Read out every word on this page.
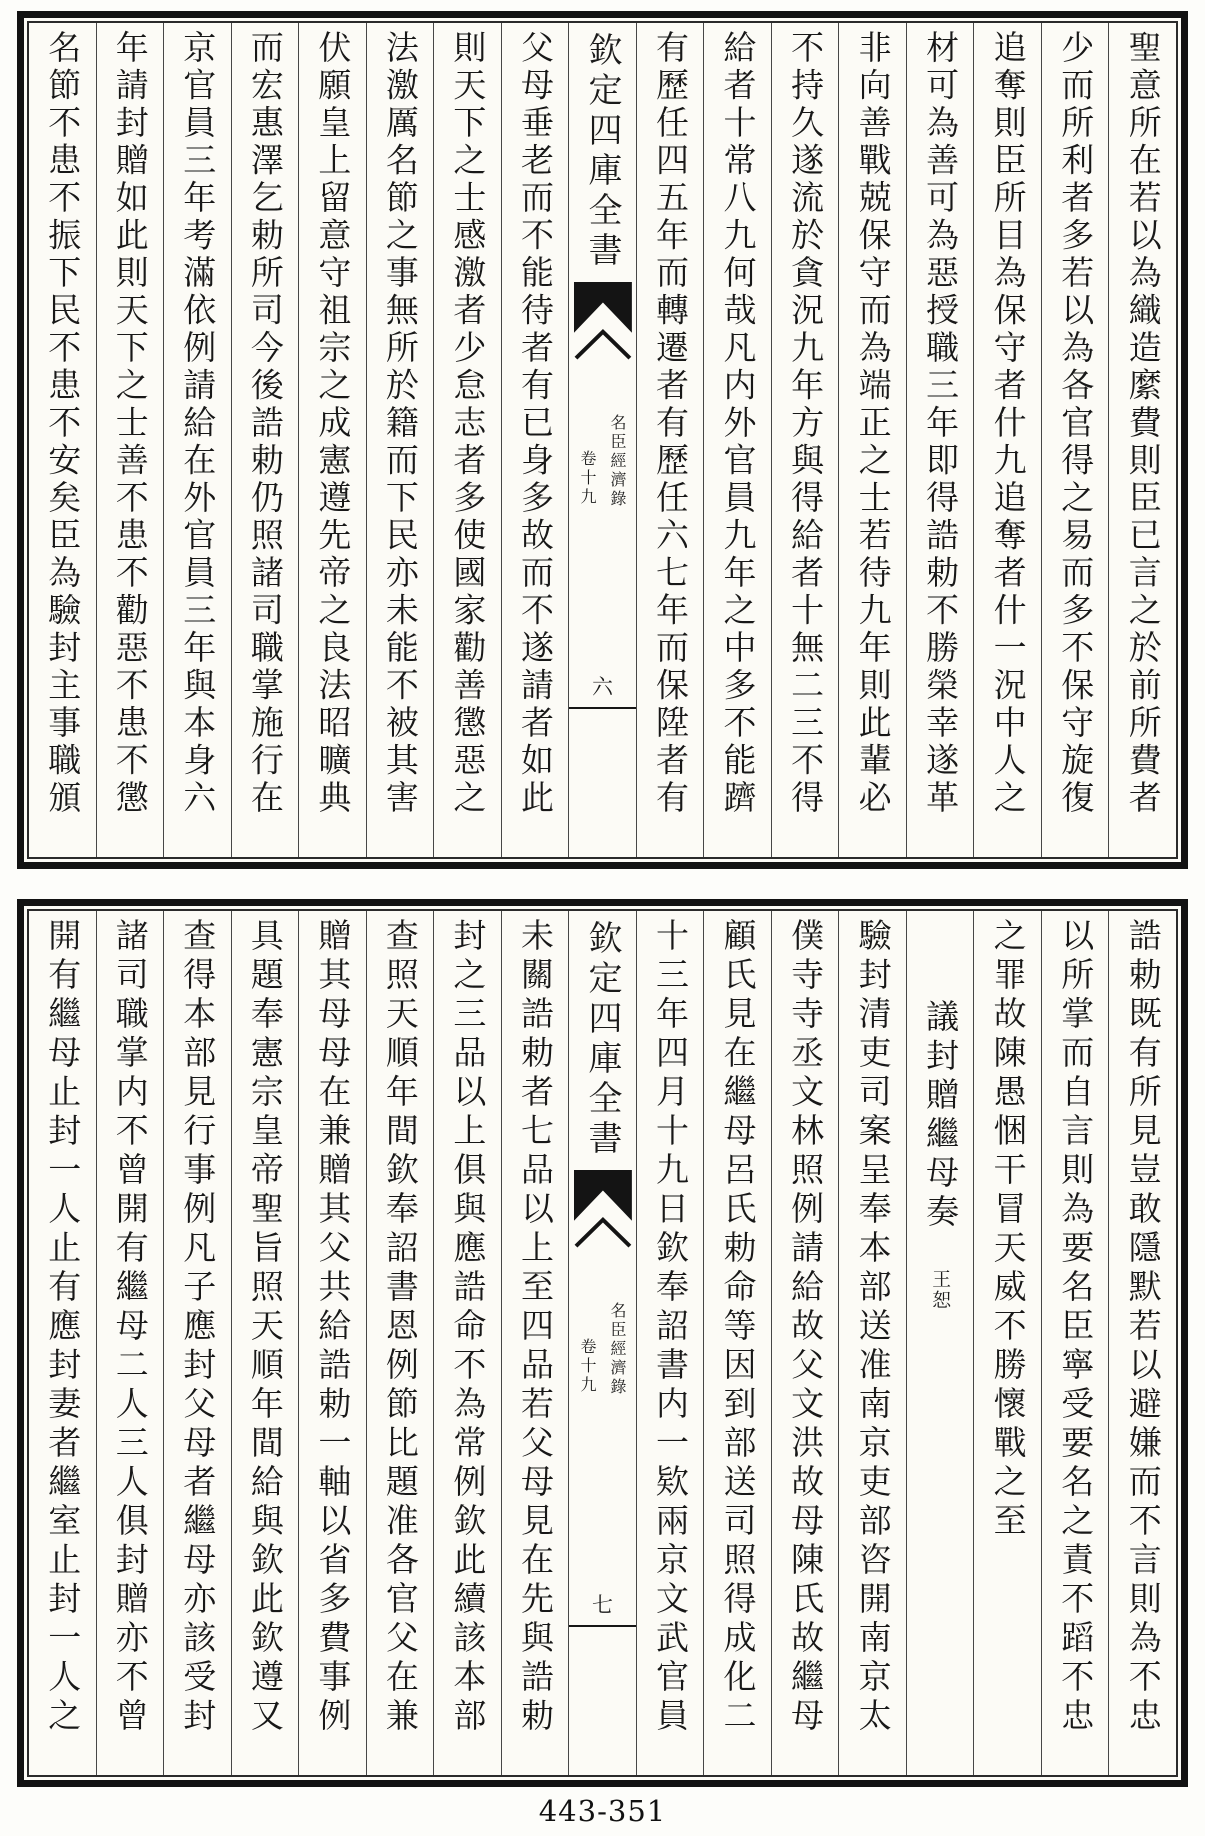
聖意所在若以為織造縻費則臣已言之於前所費者
少而所利者多若以為各官得之易而多不保守旋復
追奪則臣所目為保守者什九追奪者什一況中人之
材可為善可為惡授職三年即得誥勅不勝榮幸遂革
非向善戰兢保守而為端正之士若待九年則此輩必
不持久遂流於貪況九年方與得給者十無二三不得
給者十常八九何哉凡内外官員九年之中多不能躋
有歷任四五年而轉遷者有歷任六七年而保陞者有
欽定四庫全書
名臣經濟錄
卷十九
六
父母垂老而不能待者有已身多故而不遂請者如此
則天下之士感激者少怠志者多使國家勸善懲惡之
法激厲名節之事無所於籍而下民亦未能不被其害
伏願皇上留意守祖宗之成憲遵先帝之良法昭曠典
而宏惠澤乞勅所司今後誥勅仍照諸司職掌施行在
京官員三年考滿依例請給在外官員三年與本身六
年請封贈如此則天下之士善不患不勸惡不患不懲
名節不患不振下民不患不安矣臣為驗封主事職頒
誥勅既有所見豈敢隱默若以避嫌而不言則為不忠
以所掌而自言則為要名臣寧受要名之責不蹈不忠
之罪故陳愚悃干冒天威不勝懷戰之至
議封贈繼母奏王恕
驗封清吏司案呈奉本部送准南京吏部咨開南京太
僕寺寺丞文林照例請給故父文洪故母陳氏故繼母
顧氏見在繼母呂氏勅命等因到部送司照得成化二
十三年四月十九日欽奉詔書内一欵兩京文武官員
欽定四庫全書
名臣經濟錄
卷十九
七
未關誥勅者七品以上至四品若父母見在先與誥勅
封之三品以上俱與應誥命不為常例欽此續該本部
查照天順年間欽奉詔書恩例節比題准各官父在兼
贈其母母在兼贈其父共給誥勅一軸以省多費事例
具題奉憲宗皇帝聖旨照天順年間給與欽此欽遵又
查得本部見行事例凡子應封父母者繼母亦該受封
諸司職掌内不曾開有繼母二人三人俱封贈亦不曾
開有繼母止封一人止有應封妻者繼室止封一人之
443-351
